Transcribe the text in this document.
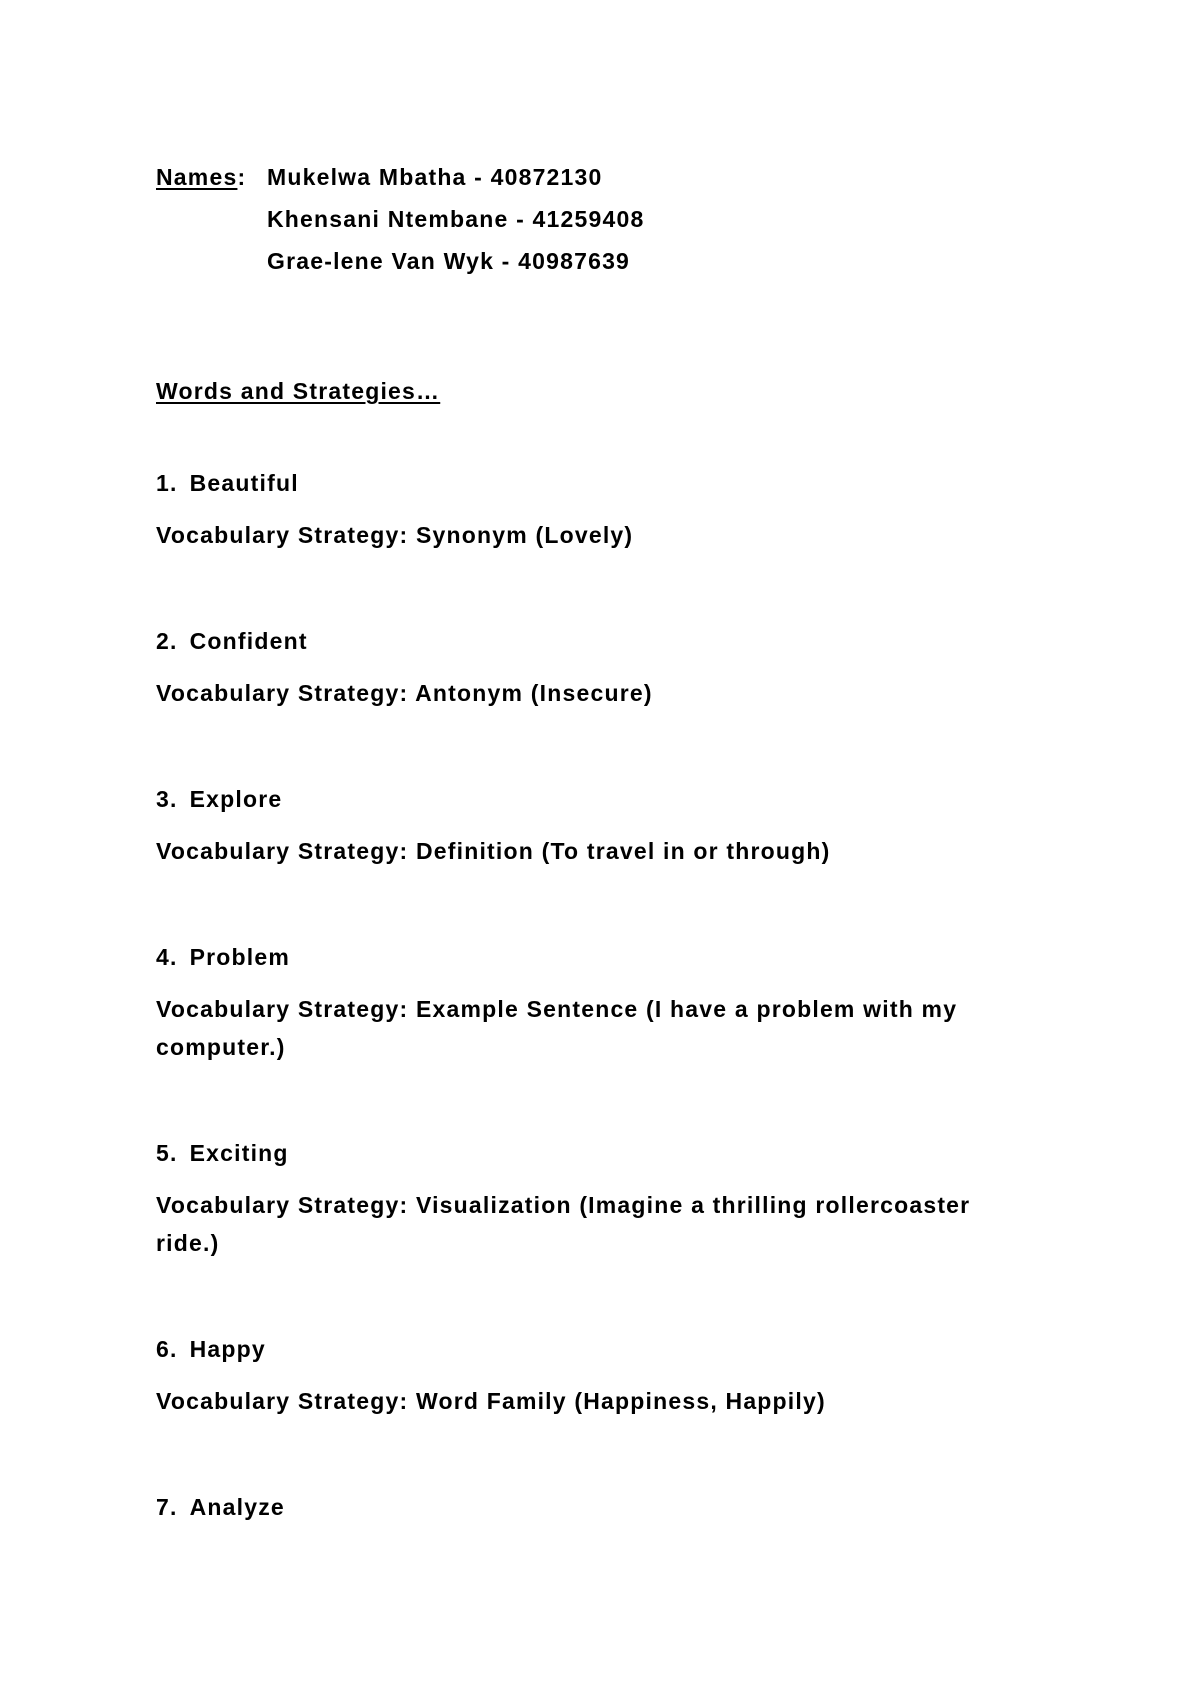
Names: Mukelwa Mbatha - 40872130
Khensani Ntembane - 41259408
Grae-lene Van Wyk - 40987639
Words and Strategies…
1. Beautiful
Vocabulary Strategy: Synonym (Lovely)
2. Confident
Vocabulary Strategy: Antonym (Insecure)
3. Explore
Vocabulary Strategy: Definition (To travel in or through)
4. Problem
Vocabulary Strategy: Example Sentence (I have a problem with my computer.)
5. Exciting
Vocabulary Strategy: Visualization (Imagine a thrilling rollercoaster ride.)
6. Happy
Vocabulary Strategy: Word Family (Happiness, Happily)
7. Analyze
